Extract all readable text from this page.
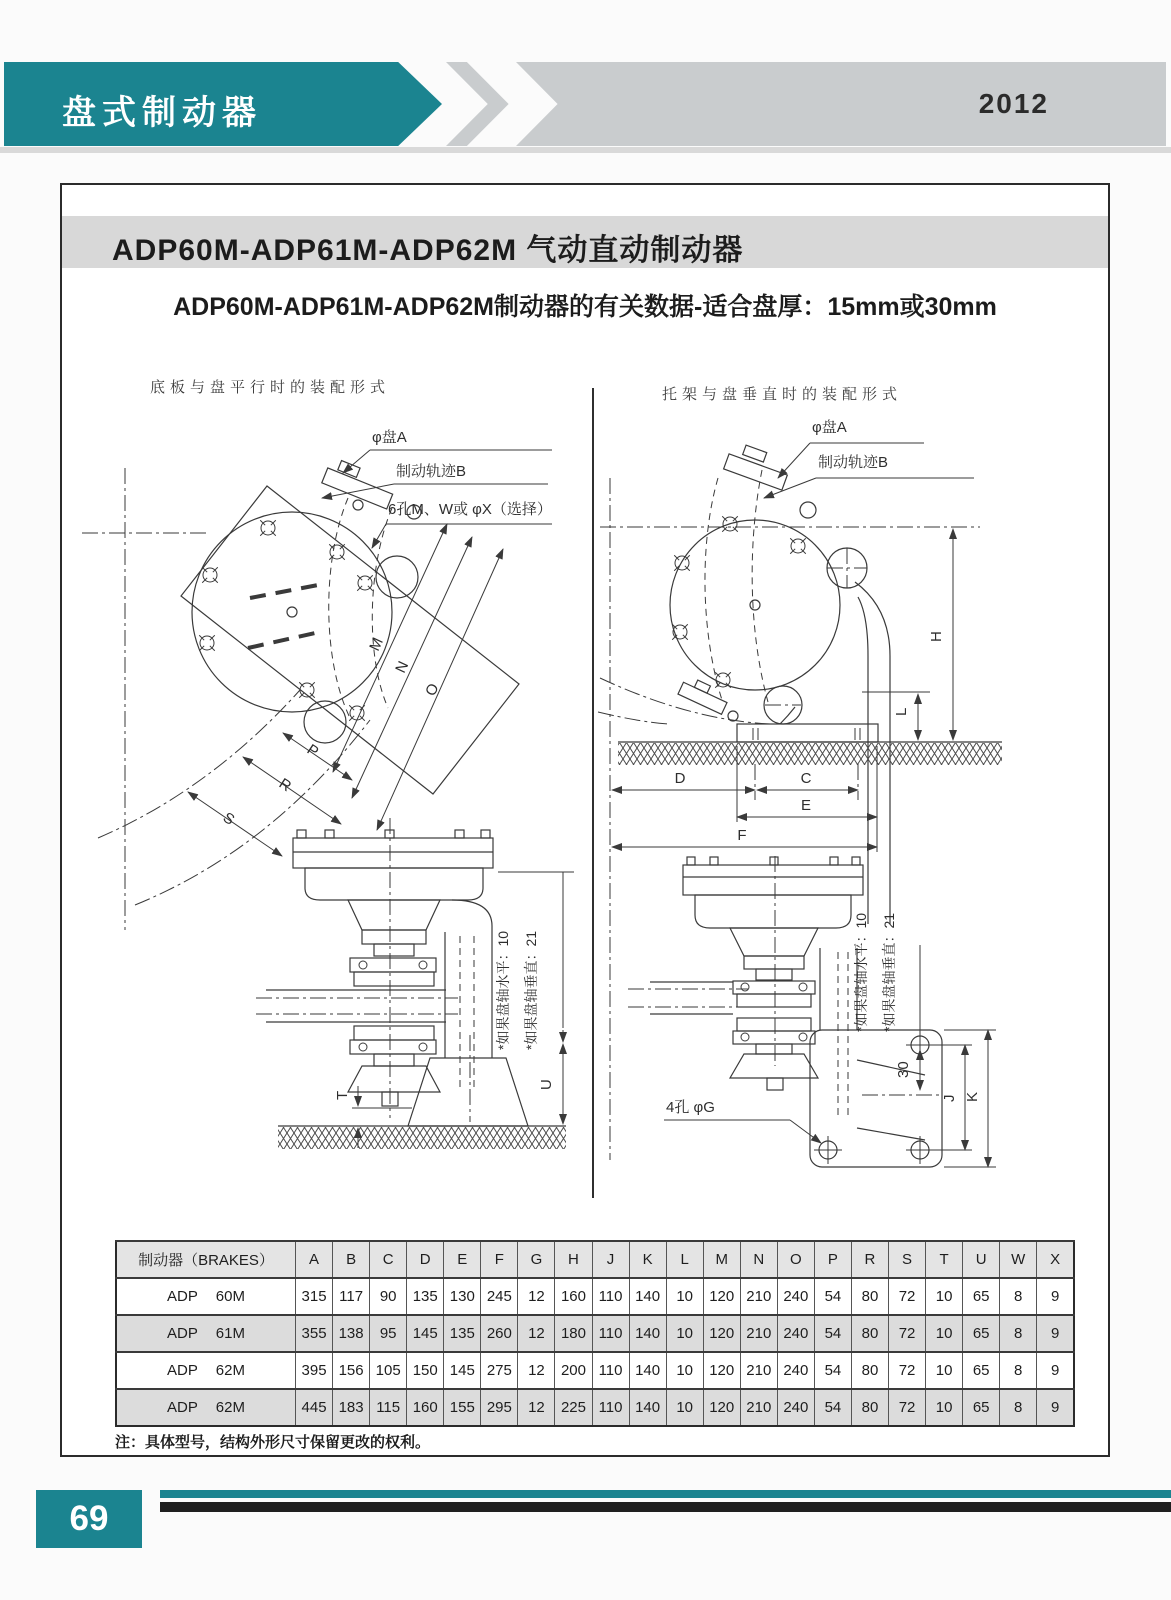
盘式制动器	2012
ADP60M-ADP61M-ADP62M 气动直动制动器
ADP60M-ADP61M-ADP62M制动器的有关数据-适合盘厚：15mm或30mm
底板与盘平行时的装配形式	托架与盘垂直时的装配形式
φ盘A
制动轨迹B
6孔M、W或 φX（选择）
M
N
O
P
R
S
T
U
*如果盘轴水平：10 *如果盘轴垂直：21
H
L
D	C
E
F
φ盘A
制动轨迹B
30
J K
4孔 φG
*如果盘轴水平：10 *如果盘轴垂直：21
制动器（BRAKES）	A	B	C	D	E	F	G	H	J	K	L	M	N	O	P	R	S	T	U	W	X
ADP 60M	315	117	90	135	130	245	12	160	110	140	10	120	210	240	54	80	72	10	65	8	9
ADP 61M	355	138	95	145	135	260	12	180	110	140	10	120	210	240	54	80	72	10	65	8	9
ADP 62M	395	156	105	150	145	275	12	200	110	140	10	120	210	240	54	80	72	10	65	8	9
ADP 62M	445	183	115	160	155	295	12	225	110	140	10	120	210	240	54	80	72	10	65	8	9
注：具体型号，结构外形尺寸保留更改的权利。
69
